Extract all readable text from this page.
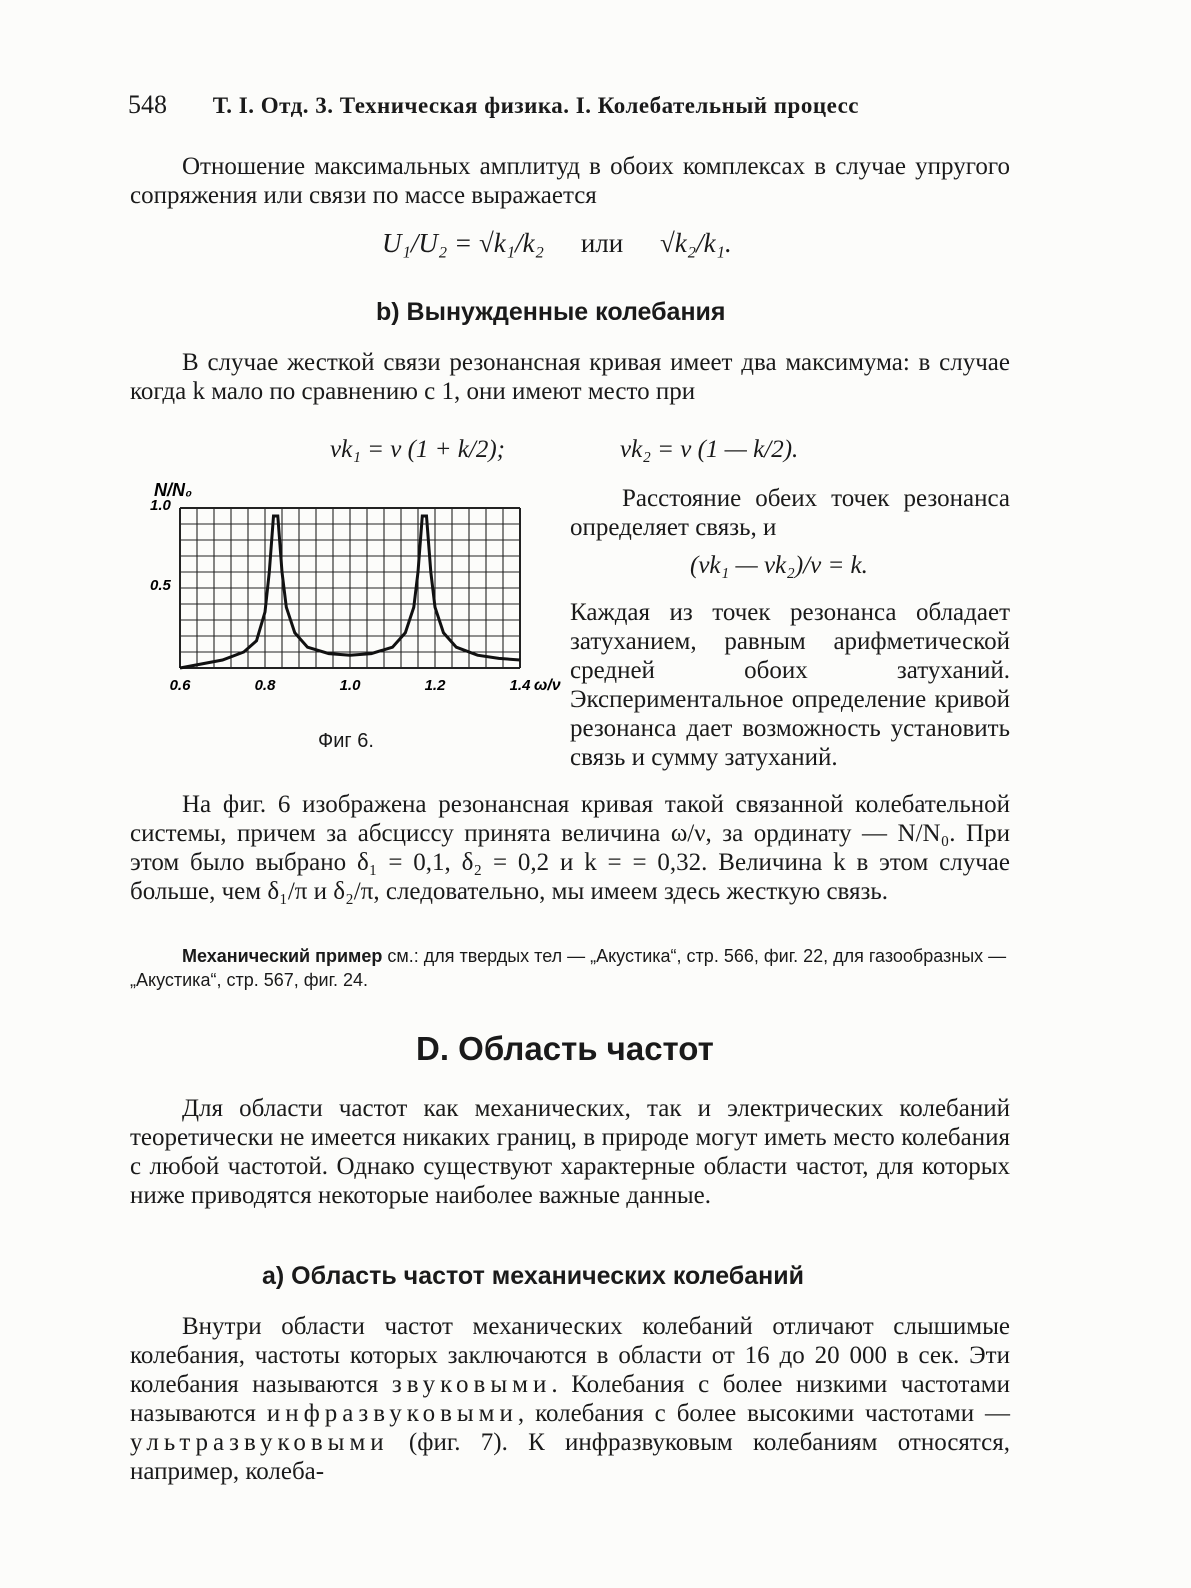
548 Т. I. Отд. 3. Техническая физика. I. Колебательный процесс

Отношение максимальных амплитуд в обоих комплексах в случае упругого сопряжения или связи по массе выражается

U₁/U₂ = √k₁/k₂ или √k₂/k₁.
b) Вынужденные колебания

В случае жесткой связи резонансная кривая имеет два максимума: в случае когда k мало по сравнению с 1, они имеют место при

νk₁ = ν (1 + k/2);	νk₂ = ν (1 — k/2).
0.6	0.8	1.0	1.2	1.4
0.5
1.0
N/N₀
ω/ν
Фиг 6.

Расстояние обеих точек резонанса определяет связь, и

(νk₁ — νk₂)/ν = k.

Каждая из точек резонанса обладает затуханием, равным арифметической средней обоих затуханий. Экспериментальное определение кривой резонанса дает возможность установить связь и сумму затуханий.

На фиг. 6 изображена резонансная кривая такой связанной колебательной системы, причем за абсциссу принята величина ω/ν, за ординату — N/N₀. При этом было выбрано δ₁ = 0,1, δ₂ = 0,2 и k = = 0,32. Величина k в этом случае больше, чем δ₁/π и δ₂/π, следовательно, мы имеем здесь жесткую связь.

Механический пример см.: для твердых тел — „Акустика“, стр. 566, фиг. 22, для газообразных — „Акустика“, стр. 567, фиг. 24.
D. Область частот

Для области частот как механических, так и электрических колебаний теоретически не имеется никаких границ, в природе могут иметь место колебания с любой частотой. Однако существуют характерные области частот, для которых ниже приводятся некоторые наиболее важные данные.

а) Область частот механических колебаний

Внутри области частот механических колебаний отличают слышимые колебания, частоты которых заключаются в области от 16 до 20 000 в сек. Эти колебания называются звуковыми. Колебания с более низкими частотами называются инфразвуковыми, колебания с более высокими частотами — ультразвуковыми (фиг. 7). К инфразвуковым колебаниям относятся, например, колеба-
